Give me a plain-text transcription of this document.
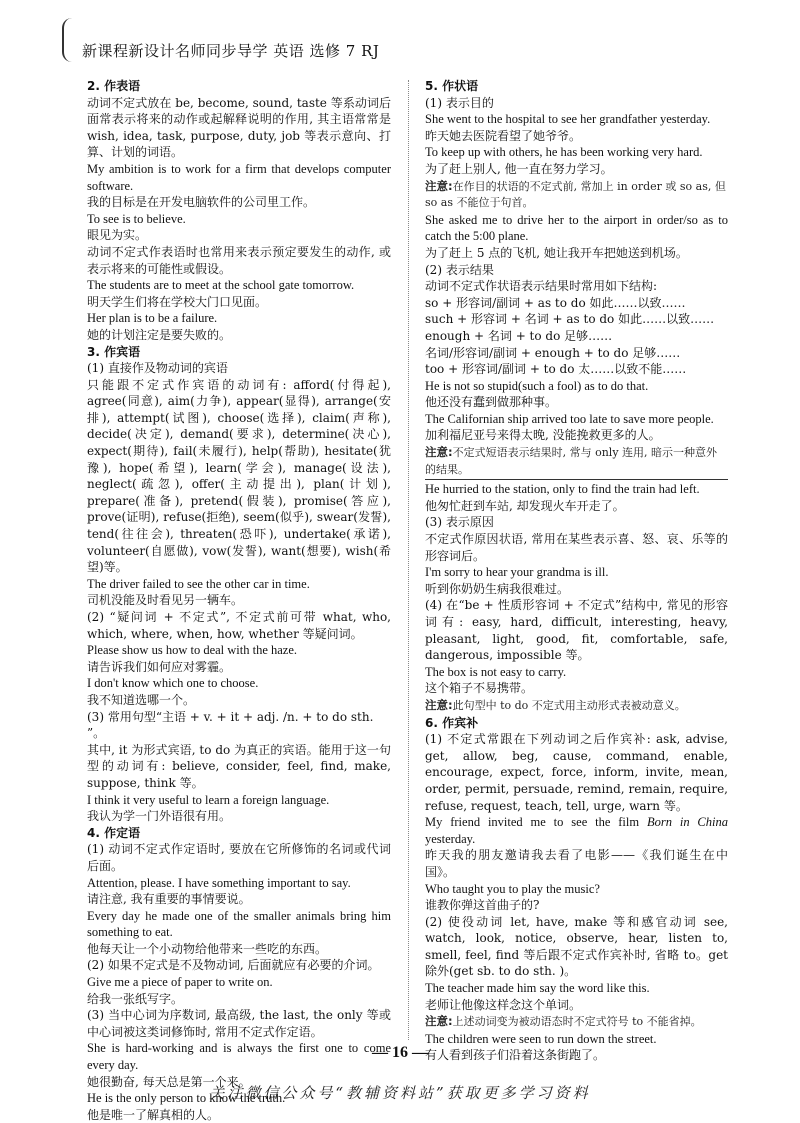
新课程新设计名师同步导学 英语 选修 7 RJ
2. 作表语
动词不定式放在 be, become, sound, taste 等系动词后面常表示将来的动作或起解释说明的作用, 其主语常常是 wish, idea, task, purpose, duty, job 等表示意向、打算、计划的词语。
My ambition is to work for a firm that develops computer software.
我的目标是在开发电脑软件的公司里工作。
To see is to believe.
眼见为实。
动词不定式作表语时也常用来表示预定要发生的动作, 或表示将来的可能性或假设。
The students are to meet at the school gate tomorrow.
明天学生们将在学校大门口见面。
Her plan is to be a failure.
她的计划注定是要失败的。
3. 作宾语
(1) 直接作及物动词的宾语
只能跟不定式作宾语的动词有: afford(付得起), agree(同意), aim(力争), appear(显得), arrange(安排), attempt(试图), choose(选择), claim(声称), decide(决定), demand(要求), determine(决心), expect(期待), fail(未履行), help(帮助), hesitate(犹豫), hope(希望), learn(学会), manage(设法), neglect(疏忽), offer(主动提出), plan(计划), prepare(准备), pretend(假装), promise(答应), prove(证明), refuse(拒绝), seem(似乎), swear(发誓), tend(往往会), threaten(恐吓), undertake(承诺), volunteer(自愿做), vow(发誓), want(想要), wish(希望)等。
The driver failed to see the other car in time.
司机没能及时看见另一辆车。
(2) “疑问词 + 不定式”, 不定式前可带 what, who, which, where, when, how, whether 等疑问词。
Please show us how to deal with the haze.
请告诉我们如何应对雾霾。
I don't know which one to choose.
我不知道选哪一个。
(3) 常用句型“主语 + v. + it + adj. /n. + to do sth. ”。
其中, it 为形式宾语, to do 为真正的宾语。能用于这一句型的动词有: believe, consider, feel, find, make, suppose, think 等。
I think it very useful to learn a foreign language.
我认为学一门外语很有用。
4. 作定语
(1) 动词不定式作定语时, 要放在它所修饰的名词或代词后面。
Attention, please. I have something important to say.
请注意, 我有重要的事情要说。
Every day he made one of the smaller animals bring him something to eat.
他每天让一个小动物给他带来一些吃的东西。
(2) 如果不定式是不及物动词, 后面就应有必要的介词。
Give me a piece of paper to write on.
给我一张纸写字。
(3) 当中心词为序数词, 最高级, the last, the only 等或中心词被这类词修饰时, 常用不定式作定语。
She is hard-working and is always the first one to come every day.
她很勤奋, 每天总是第一个来。
He is the only person to know the truth.
他是唯一了解真相的人。
5. 作状语
(1) 表示目的
She went to the hospital to see her grandfather yesterday.
昨天她去医院看望了她爷爷。
To keep up with others, he has been working very hard.
为了赶上别人, 他一直在努力学习。
注意:在作目的状语的不定式前, 常加上 in order 或 so as, 但 so as 不能位于句首。
She asked me to drive her to the airport in order/so as to catch the 5:00 plane.
为了赶上 5 点的飞机, 她让我开车把她送到机场。
(2) 表示结果
动词不定式作状语表示结果时常用如下结构:
so + 形容词/副词 + as to do 如此……以致……
such + 形容词 + 名词 + as to do 如此……以致……
enough + 名词 + to do 足够……
名词/形容词/副词 + enough + to do 足够……
too + 形容词/副词 + to do 太……以致不能……
He is not so stupid(such a fool) as to do that.
他还没有蠢到做那种事。
The Californian ship arrived too late to save more people.
加利福尼亚号来得太晚, 没能挽救更多的人。
注意:不定式短语表示结果时, 常与 only 连用, 暗示一种意外的结果。
He hurried to the station, only to find the train had left.
他匆忙赶到车站, 却发现火车开走了。
(3) 表示原因
不定式作原因状语, 常用在某些表示喜、怒、哀、乐等的形容词后。
I'm sorry to hear your grandma is ill.
听到你奶奶生病我很难过。
(4) 在“be + 性质形容词 + 不定式”结构中, 常见的形容词有: easy, hard, difficult, interesting, heavy, pleasant, light, good, fit, comfortable, safe, dangerous, impossible 等。
The box is not easy to carry.
这个箱子不易携带。
注意:此句型中 to do 不定式用主动形式表被动意义。
6. 作宾补
(1) 不定式常跟在下列动词之后作宾补: ask, advise, get, allow, beg, cause, command, enable, encourage, expect, force, inform, invite, mean, order, permit, persuade, remind, remain, require, refuse, request, teach, tell, urge, warn 等。
My friend invited me to see the film Born in China yesterday.
昨天我的朋友邀请我去看了电影——《我们诞生在中国》。
Who taught you to play the music?
谁教你弹这首曲子的?
(2) 使役动词 let, have, make 等和感官动词 see, watch, look, notice, observe, hear, listen to, smell, feel, find 等后跟不定式作宾补时, 省略 to。get 除外(get sb. to do sth. )。
The teacher made him say the word like this.
老师让他像这样念这个单词。
注意:上述动词变为被动语态时不定式符号 to 不能省掉。
The children were seen to run down the street.
有人看到孩子们沿着这条街跑了。
— 16 —
关注微信公众号“教辅资料站”获取更多学习资料
